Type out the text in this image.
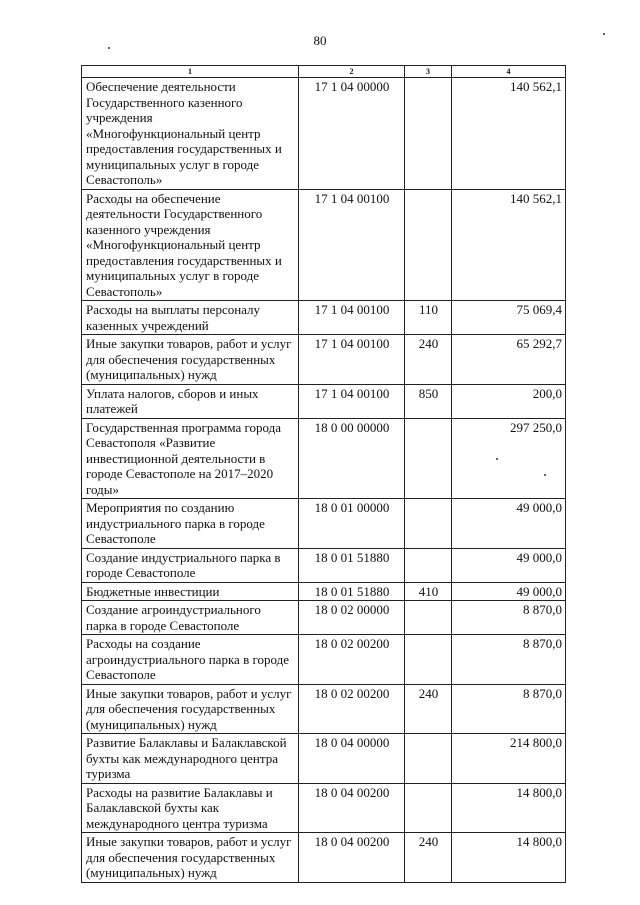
80
1	2	3	4
Обеспечение деятельности Государственного казенного учреждения «Многофункциональный центр предоставления государственных и муниципальных услуг в городе Севастополь»	17 1 04 00000		140 562,1
Расходы на обеспечение деятельности Государственного казенного учреждения «Многофункциональный центр предоставления государственных и муниципальных услуг в городе Севастополь»	17 1 04 00100		140 562,1
Расходы на выплаты персоналу казенных учреждений	17 1 04 00100	110	75 069,4
Иные закупки товаров, работ и услуг для обеспечения государственных (муниципальных) нужд	17 1 04 00100	240	65 292,7
Уплата налогов, сборов и иных платежей	17 1 04 00100	850	200,0
Государственная программа города Севастополя «Развитие инвестиционной деятельности в городе Севастополе на 2017–2020 годы»	18 0 00 00000		297 250,0
Мероприятия по созданию индустриального парка в городе Севастополе	18 0 01 00000		49 000,0
Создание индустриального парка в городе Севастополе	18 0 01 51880		49 000,0
Бюджетные инвестиции	18 0 01 51880	410	49 000,0
Создание агроиндустриального парка в городе Севастополе	18 0 02 00000		8 870,0
Расходы на создание агроиндустриального парка в городе Севастополе	18 0 02 00200		8 870,0
Иные закупки товаров, работ и услуг для обеспечения государственных (муниципальных) нужд	18 0 02 00200	240	8 870,0
Развитие Балаклавы и Балаклавской бухты как международного центра туризма	18 0 04 00000		214 800,0
Расходы на развитие Балаклавы и Балаклавской бухты как международного центра туризма	18 0 04 00200		14 800,0
Иные закупки товаров, работ и услуг для обеспечения государственных (муниципальных) нужд	18 0 04 00200	240	14 800,0
